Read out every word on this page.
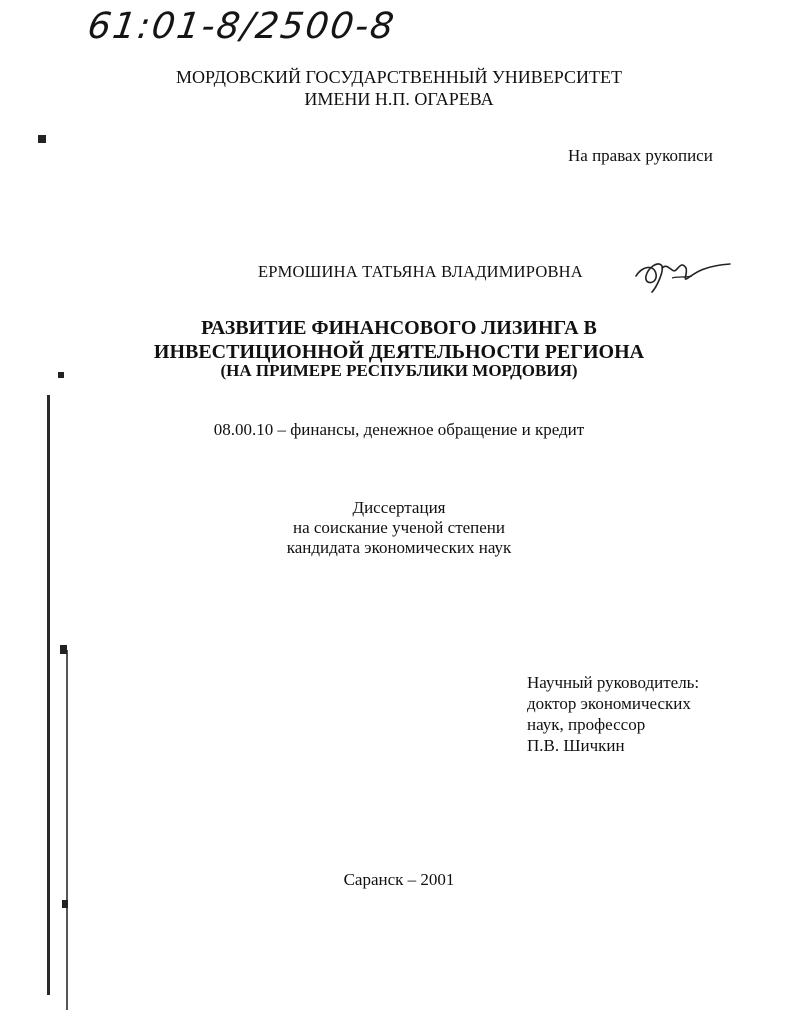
61:01-8/2500-8
МОРДОВСКИЙ ГОСУДАРСТВЕННЫЙ УНИВЕРСИТЕТ
ИМЕНИ Н.П. ОГАРЕВА
На правах рукописи
ЕРМОШИНА ТАТЬЯНА ВЛАДИМИРОВНА
РАЗВИТИЕ ФИНАНСОВОГО ЛИЗИНГА В
ИНВЕСТИЦИОННОЙ ДЕЯТЕЛЬНОСТИ РЕГИОНА
(НА ПРИМЕРЕ РЕСПУБЛИКИ МОРДОВИЯ)
08.00.10 – финансы, денежное обращение и кредит
Диссертация
на соискание ученой степени
кандидата экономических наук
Научный руководитель:
доктор экономических
наук, профессор
П.В. Шичкин
Саранск – 2001
